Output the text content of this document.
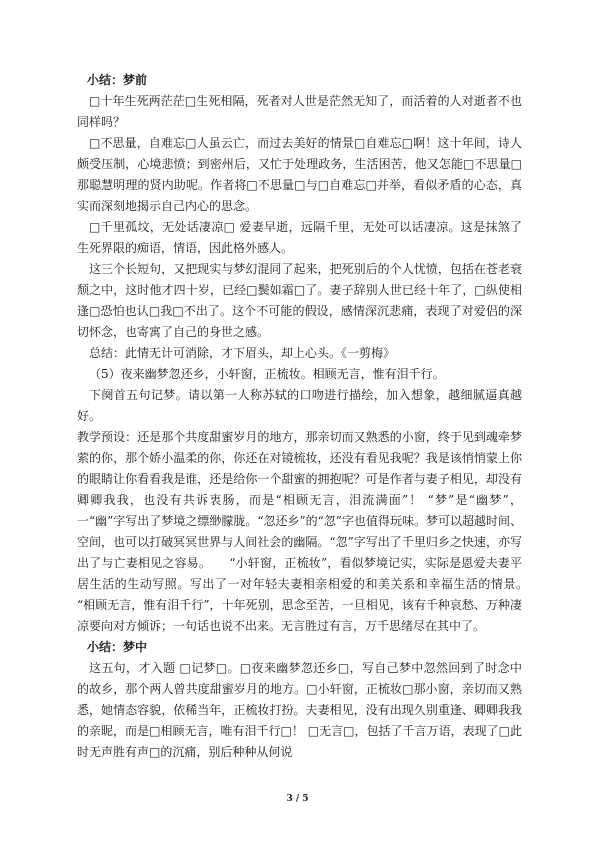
小结：梦前
□十年生死两茫茫□生死相隔，死者对人世是茫然无知了，而活着的人对逝者不也同样吗？
□不思量，自难忘□人虽云亡，而过去美好的情景□自难忘□啊！这十年间，诗人颇受压制，心境悲愤；到密州后，又忙于处理政务，生活困苦，他又怎能□不思量□那聪慧明理的贤内助呢。作者将□不思量□与□自难忘□并举，看似矛盾的心态，真实而深刻地揭示自己内心的思念。
□千里孤坟，无处话凄凉□ 爱妻早逝，远隔千里，无处可以话凄凉。这是抹煞了生死界限的痴语，情语，因此格外感人。
这三个长短句，又把现实与梦幻混同了起来，把死别后的个人忧愤，包括在苍老衰颓之中，这时他才四十岁，已经□鬓如霜□了。妻子辞别人世已经十年了，□纵使相逢□恐怕也认□我□不出了。这个不可能的假设，感情深沉悲痛，表现了对爱侣的深切怀念，也寄寓了自己的身世之感。
总结：此情无计可消除，才下眉头，却上心头。《一剪梅》
（5）夜来幽梦忽还乡，小轩窗，正梳妆。相顾无言，惟有泪千行。
下阕首五句记梦。请以第一人称苏轼的口吻进行描绘，加入想象，越细腻逼真越好。
教学预设：还是那个共度甜蜜岁月的地方，那亲切而又熟悉的小窗，终于见到魂牵梦萦的你，那个娇小温柔的你，你还在对镜梳妆，还没有看见我呢？我是该悄悄蒙上你的眼睛让你看看我是谁，还是给你一个甜蜜的拥抱呢？可是作者与妻子相见，却没有卿卿我我，也没有共诉衷肠，而是“相顾无言，泪流满面”！ “梦”是“幽梦”，一“幽”字写出了梦境之缥缈朦胧。“忽还乡”的“忽”字也值得玩味。梦可以超越时间、空间，也可以打破冥冥世界与人间社会的幽隔。“忽”字写出了千里归乡之快速，亦写出了与亡妻相见之容易。　　“小轩窗，正梳妆”，看似梦境记实，实际是恩爱夫妻平居生活的生动写照。写出了一对年轻夫妻相亲相爱的和美关系和幸福生活的情景。　　“相顾无言，惟有泪千行”，十年死别，思念至苦，一旦相见，该有千种哀愁、万种凄凉要向对方倾诉；一句话也说不出来。无言胜过有言，万千思绪尽在其中了。
小结：梦中
这五句，才入题 □记梦□。□夜来幽梦忽还乡□，写自己梦中忽然回到了时念中的故乡，那个两人曾共度甜蜜岁月的地方。□小轩窗，正梳妆□那小窗，亲切而又熟悉，她情态容貌，依稀当年，正梳妆打扮。夫妻相见，没有出现久别重逢、卿卿我我的亲昵，而是□相顾无言，唯有泪千行□！ □无言□，包括了千言万语，表现了□此时无声胜有声□的沉痛，别后种种从何说
3 / 5
